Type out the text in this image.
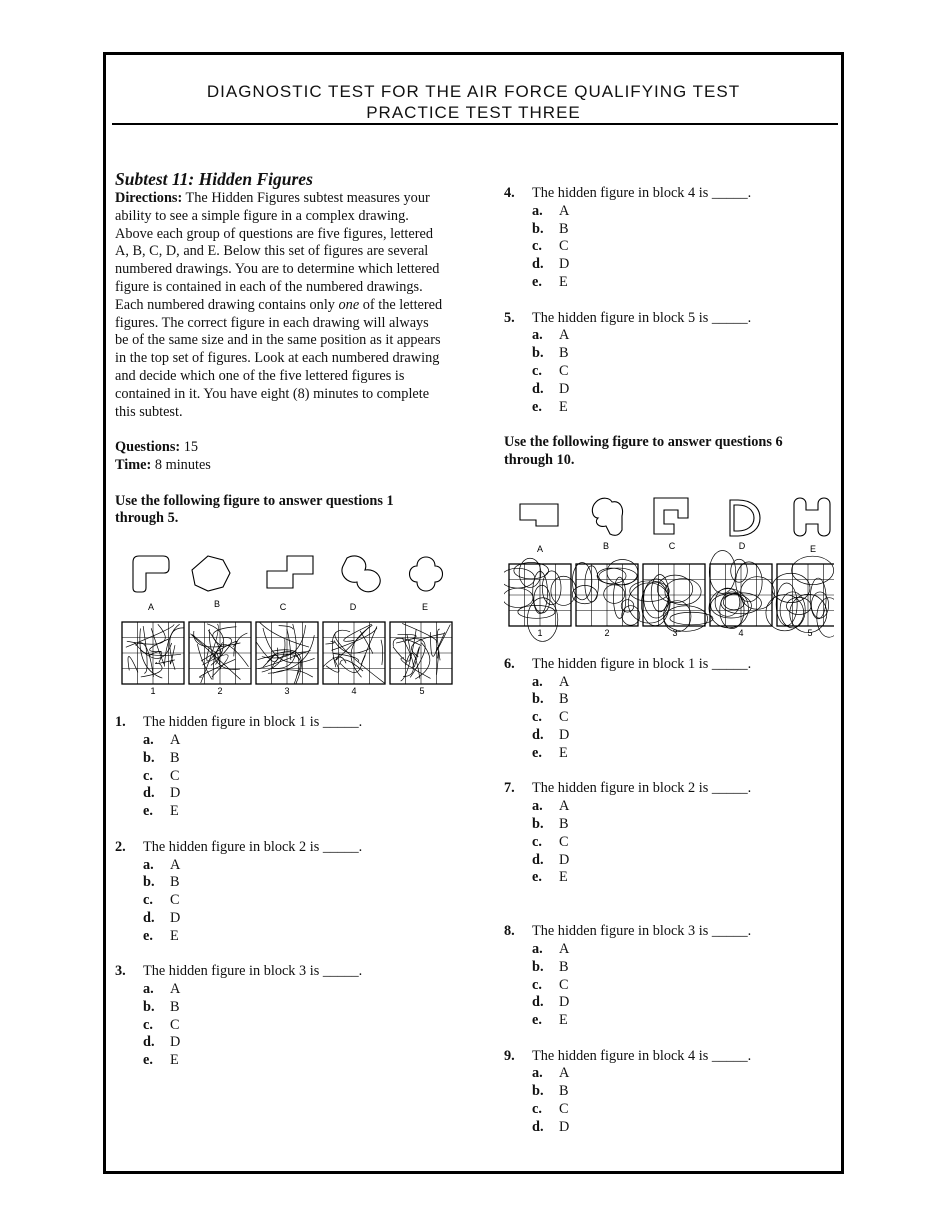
DIAGNOSTIC TEST FOR THE AIR FORCE QUALIFYING TEST
PRACTICE TEST THREE
Subtest 11: Hidden Figures

Directions: The Hidden Figures subtest measures your ability to see a simple figure in a complex drawing. Above each group of questions are five figures, lettered A, B, C, D, and E. Below this set of figures are several numbered drawings. You are to determine which lettered figure is contained in each of the numbered drawings. Each numbered drawing contains only one of the lettered figures. The correct figure in each drawing will always be of the same size and in the same position as it appears in the top set of figures. Look at each numbered drawing and decide which one of the five lettered figures is contained in it. You have eight (8) minutes to complete this subtest.

Questions: 15
Time: 8 minutes
Use the following figure to answer questions 1 through 5.
A	B	C	D	E
1	2	3	4	5
1.	The hidden figure in block 1 is _____.
a.	A
b.	B
c.	C
d.	D
e.	E
2.	The hidden figure in block 2 is _____.
a.	A
b.	B
c.	C
d.	D
e.	E
3.	The hidden figure in block 3 is _____.
a.	A
b.	B
c.	C
d.	D
e.	E
4.	The hidden figure in block 4 is _____.
a.	A
b.	B
c.	C
d.	D
e.	E
5.	The hidden figure in block 5 is _____.
a.	A
b.	B
c.	C
d.	D
e.	E
Use the following figure to answer questions 6 through 10.
A	B	C	D	E
1	2	3	4	5
6.	The hidden figure in block 1 is _____.
a.	A
b.	B
c.	C
d.	D
e.	E
7.	The hidden figure in block 2 is _____.
a.	A
b.	B
c.	C
d.	D
e.	E
8.	The hidden figure in block 3 is _____.
a.	A
b.	B
c.	C
d.	D
e.	E
9.	The hidden figure in block 4 is _____.
a.	A
b.	B
c.	C
d.	D
